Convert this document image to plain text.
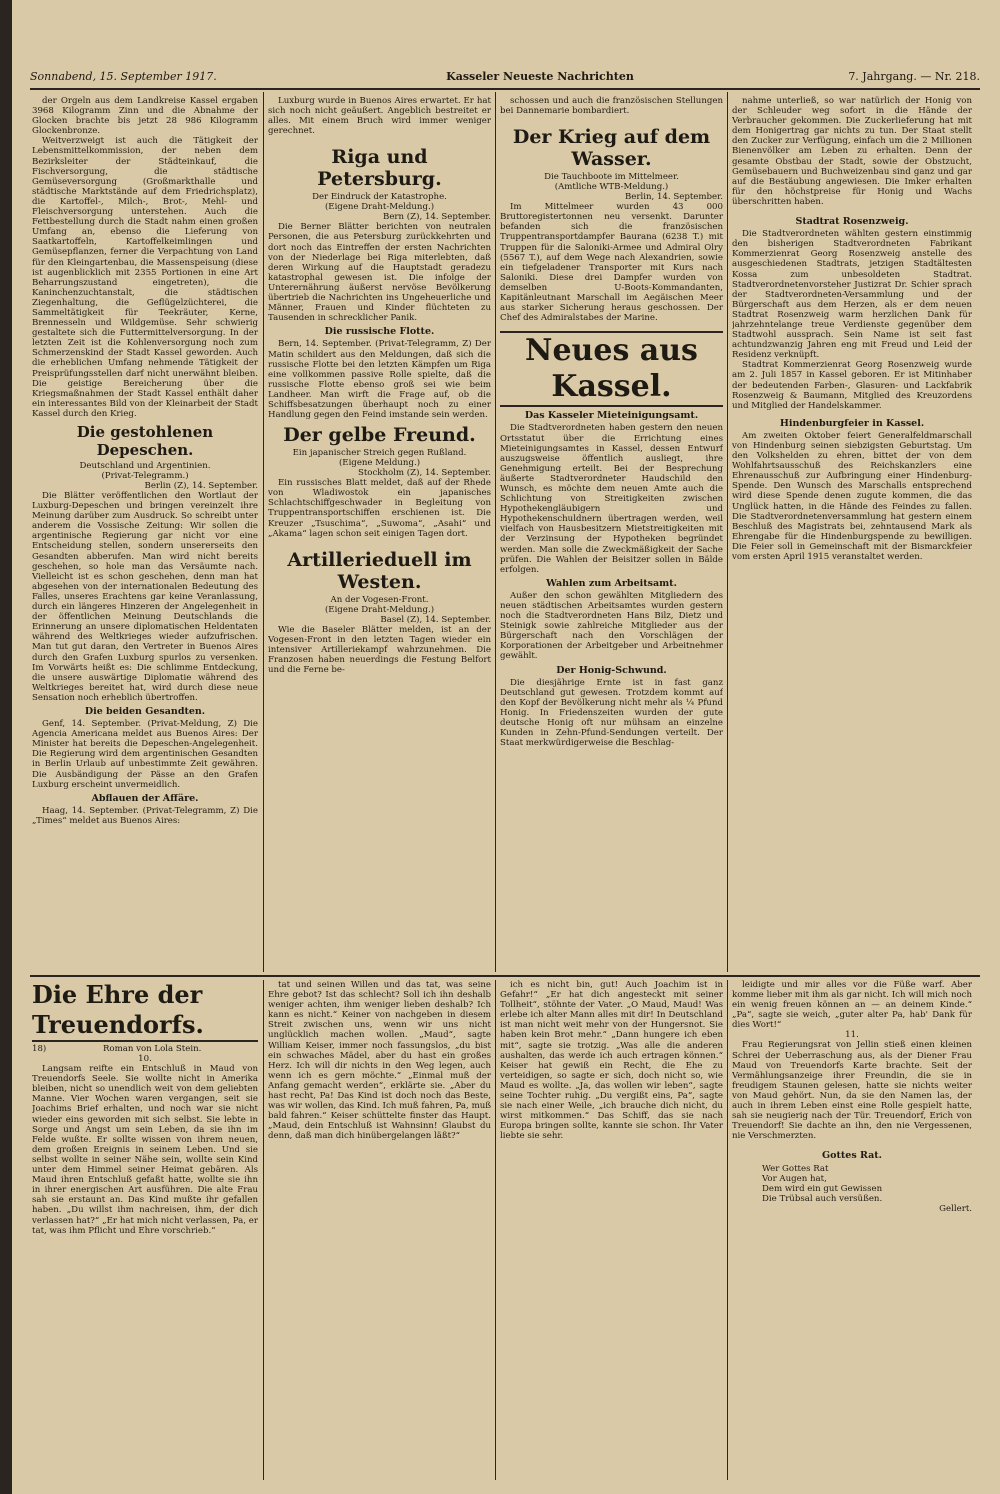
Sonnabend, 15. September 1917.	Kasseler Neueste Nachrichten	7. Jahrgang. — Nr. 218.

der Orgeln aus dem Landkreise Kassel ergaben 3968 Kilogramm Zinn und die Abnahme der Glocken brachte bis jetzt 28 986 Kilogramm Glockenbronze.

Weitverzweigt ist auch die Tätigkeit der Lebensmittelkommission, der neben dem Bezirksleiter der Städteinkauf, die Fischversorgung, die städtische Gemüseversorgung (Großmarkthalle und städtische Marktstände auf dem Friedrichsplatz), die Kartoffel-, Milch-, Brot-, Mehl- und Fleischversorgung unterstehen. Auch die Fettbestellung durch die Stadt nahm einen großen Umfang an, ebenso die Lieferung von Saatkartoffeln, Kartoffelkeimlingen und Gemüsepflanzen, ferner die Verpachtung von Land für den Kleingartenbau, die Massenspeisung (diese ist augenblicklich mit 2355 Portionen in eine Art Beharrungszustand eingetreten), die Kaninchenzuchtanstalt, die städtischen Ziegenhaltung, die Geflügelzüchterei, die Sammeltätigkeit für Teekräuter, Kerne, Brennesseln und Wildgemüse. Sehr schwierig gestaltete sich die Futtermittelversorgung. In der letzten Zeit ist die Kohlenversorgung noch zum Schmerzenskind der Stadt Kassel geworden. Auch die erheblichen Umfang nehmende Tätigkeit der Preisprüfungsstellen darf nicht unerwähnt bleiben. Die geistige Bereicherung über die Kriegsmaßnahmen der Stadt Kassel enthält daher ein interessantes Bild von der Kleinarbeit der Stadt Kassel durch den Krieg.

Die gestohlenen Depeschen.
Deutschland und Argentinien.
(Privat-Telegramm.)
Berlin (Z), 14. September.

Die Blätter veröffentlichen den Wortlaut der Luxburg-Depeschen und bringen vereinzelt ihre Meinung darüber zum Ausdruck. So schreibt unter anderem die Vossische Zeitung: Wir sollen die argentinische Regierung gar nicht vor eine Entscheidung stellen, sondern unsererseits den Gesandten abberufen. Man wird nicht bereits geschehen, so hole man das Versäumte nach. Vielleicht ist es schon geschehen, denn man hat abgesehen von der internationalen Bedeutung des Falles, unseres Erachtens gar keine Veranlassung, durch ein längeres Hinzeren der Angelegenheit in der öffentlichen Meinung Deutschlands die Erinnerung an unsere diplomatischen Heldentaten während des Weltkrieges wieder aufzufrischen. Man tut gut daran, den Vertreter in Buenos Aires durch den Grafen Luxburg spurlos zu versenken. Im Vorwärts heißt es: Die schlimme Entdeckung, die unsere auswärtige Diplomatie während des Weltkrieges bereitet hat, wird durch diese neue Sensation noch erheblich übertroffen.

Die beiden Gesandten.

Genf, 14. September. (Privat-Meldung, Z) Die Agencia Americana meldet aus Buenos Aires: Der Minister hat bereits die Depeschen-Angelegenheit. Die Regierung wird dem argentinischen Gesandten in Berlin Urlaub auf unbestimmte Zeit gewähren. Die Ausbändigung der Pässe an den Grafen Luxburg erscheint unvermeidlich.

Abflauen der Affäre.

Haag, 14. September. (Privat-Telegramm, Z) Die „Times“ meldet aus Buenos Aires:

Luxburg wurde in Buenos Aires erwartet. Er hat sich noch nicht geäußert. Angeblich bestreitet er alles. Mit einem Bruch wird immer weniger gerechnet.

Riga und Petersburg.
Der Eindruck der Katastrophe.
(Eigene Draht-Meldung.)
Bern (Z), 14. September.

Die Berner Blätter berichten von neutralen Personen, die aus Petersburg zurückkehrten und dort noch das Eintreffen der ersten Nachrichten von der Niederlage bei Riga miterlebten, daß deren Wirkung auf die Hauptstadt geradezu katastrophal gewesen ist. Die infolge der Unterernährung äußerst nervöse Bevölkerung übertrieb die Nachrichten ins Ungeheuerliche und Männer, Frauen und Kinder flüchteten zu Tausenden in schrecklicher Panik.

Die russische Flotte.

Bern, 14. September. (Privat-Telegramm, Z) Der Matin schildert aus den Meldungen, daß sich die russische Flotte bei den letzten Kämpfen um Riga eine vollkommen passive Rolle spielte, daß die russische Flotte ebenso groß sei wie beim Landheer. Man wirft die Frage auf, ob die Schiffsbesatzungen überhaupt noch zu einer Handlung gegen den Feind imstande sein werden.

Der gelbe Freund.
Ein japanischer Streich gegen Rußland.
(Eigene Meldung.)
Stockholm (Z), 14. September.

Ein russisches Blatt meldet, daß auf der Rhede von Wladiwostok ein japanisches Schlachtschiffgeschwader in Begleitung von Truppentransportschiffen erschienen ist. Die Kreuzer „Tsuschima“, „Suwoma“, „Asahi“ und „Akama“ lagen schon seit einigen Tagen dort.

Artillerieduell im Westen.
An der Vogesen-Front.
(Eigene Draht-Meldung.)
Basel (Z), 14. September.

Wie die Baseler Blätter melden, ist an der Vogesen-Front in den letzten Tagen wieder ein intensiver Artilleriekampf wahrzunehmen. Die Franzosen haben neuerdings die Festung Belfort und die Ferne be-

schossen und auch die französischen Stellungen bei Dannemarie bombardiert.

Der Krieg auf dem Wasser.
Die Tauchboote im Mittelmeer.
(Amtliche WTB-Meldung.)
Berlin, 14. September.

Im Mittelmeer wurden 43 000 Bruttoregistertonnen neu versenkt. Darunter befanden sich die französischen Truppentransportdampfer Baurana (6238 T.) mit Truppen für die Saloniki-Armee und Admiral Olry (5567 T.), auf dem Wege nach Alexandrien, sowie ein tiefgeladener Transporter mit Kurs nach Saloniki. Diese drei Dampfer wurden von demselben U-Boots-Kommandanten, Kapitänleutnant Marschall im Aegäischen Meer aus starker Sicherung heraus geschossen. Der Chef des Admiralstabes der Marine.

Neues aus Kassel.
Das Kasseler Mieteinigungsamt.

Die Stadtverordneten haben gestern den neuen Ortsstatut über die Errichtung eines Mieteinigungsamtes in Kassel, dessen Entwurf auszugsweise öffentlich ausliegt, ihre Genehmigung erteilt. Bei der Besprechung äußerte Stadtverordneter Haudschild den Wunsch, es möchte dem neuen Amte auch die Schlichtung von Streitigkeiten zwischen Hypothekengläubigern und Hypothekenschuldnern übertragen werden, weil vielfach von Hausbesitzern Mietstreitigkeiten mit der Verzinsung der Hypotheken begründet werden. Man solle die Zweckmäßigkeit der Sache prüfen. Die Wahlen der Beisitzer sollen in Bälde erfolgen.

Wahlen zum Arbeitsamt.

Außer den schon gewählten Mitgliedern des neuen städtischen Arbeitsamtes wurden gestern noch die Stadtverordneten Hans Bilz, Dietz und Steinigk sowie zahlreiche Mitglieder aus der Bürgerschaft nach den Vorschlägen der Korporationen der Arbeitgeber und Arbeitnehmer gewählt.

Der Honig-Schwund.

Die diesjährige Ernte ist in fast ganz Deutschland gut gewesen. Trotzdem kommt auf den Kopf der Bevölkerung nicht mehr als ¼ Pfund Honig. In Friedenszeiten wurden der gute deutsche Honig oft nur mühsam an einzelne Kunden in Zehn-Pfund-Sendungen verteilt. Der Staat merkwürdigerweise die Beschlag-

nahme unterließ, so war natürlich der Honig von der Schleuder weg sofort in die Hände der Verbraucher gekommen. Die Zuckerlieferung hat mit dem Honigertrag gar nichts zu tun. Der Staat stellt den Zucker zur Verfügung, einfach um die 2 Millionen Bienenvölker am Leben zu erhalten. Denn der gesamte Obstbau der Stadt, sowie der Obstzucht, Gemüsebauern und Buchweizenbau sind ganz und gar auf die Bestäubung angewiesen. Die Imker erhalten für den höchstpreise für Honig und Wachs überschritten haben.

Stadtrat Rosenzweig.

Die Stadtverordneten wählten gestern einstimmig den bisherigen Stadtverordneten Fabrikant Kommerzienrat Georg Rosenzweig anstelle des ausgeschiedenen Stadtrats, jetzigen Stadtältesten Kossa zum unbesoldeten Stadtrat. Stadtverordnetenvorsteher Justizrat Dr. Schier sprach der Stadtverordneten-Versammlung und der Bürgerschaft aus dem Herzen, als er dem neuen Stadtrat Rosenzweig warm herzlichen Dank für jahrzehntelange treue Verdienste gegenüber dem Stadtwohl aussprach. Sein Name ist seit fast achtundzwanzig Jahren eng mit Freud und Leid der Residenz verknüpft.

Stadtrat Kommerzienrat Georg Rosenzweig wurde am 2. Juli 1857 in Kassel geboren. Er ist Mitinhaber der bedeutenden Farben-, Glasuren- und Lackfabrik Rosenzweig & Baumann, Mitglied des Kreuzordens und Mitglied der Handelskammer.

Hindenburgfeier in Kassel.

Am zweiten Oktober feiert Generalfeldmarschall von Hindenburg seinen siebzigsten Geburtstag. Um den Volkshelden zu ehren, bittet der von dem Wohlfahrtsausschuß des Reichskanzlers eine Ehrenausschuß zur Aufbringung einer Hindenburg-Spende. Den Wunsch des Marschalls entsprechend wird diese Spende denen zugute kommen, die das Unglück hatten, in die Hände des Feindes zu fallen. Die Stadtverordnetenversammlung hat gestern einem Beschluß des Magistrats bei, zehntausend Mark als Ehrengabe für die Hindenburgspende zu bewilligen. Die Feier soll in Gemeinschaft mit der Bismarckfeier vom ersten April 1915 veranstaltet werden.

Die Ehre der Treuendorfs.
18)	Roman von Lola Stein.
10.

Langsam reifte ein Entschluß in Maud von Treuendorfs Seele. Sie wollte nicht in Amerika bleiben, nicht so unendlich weit von dem geliebten Manne. Vier Wochen waren vergangen, seit sie Joachims Brief erhalten, und noch war sie nicht wieder eins geworden mit sich selbst. Sie lebte in Sorge und Angst um sein Leben, da sie ihn im Felde wußte. Er sollte wissen von ihrem neuen, dem großen Ereignis in seinem Leben. Und sie selbst wollte in seiner Nähe sein, wollte sein Kind unter dem Himmel seiner Heimat gebären. Als Maud ihren Entschluß gefaßt hatte, wollte sie ihn in ihrer energischen Art ausführen. Die alte Frau sah sie erstaunt an. Das Kind mußte ihr gefallen haben. „Du willst ihm nachreisen, ihm, der dich verlassen hat?“ „Er hat mich nicht verlassen, Pa, er tat, was ihm Pflicht und Ehre vorschrieb.“

tat und seinen Willen und das tat, was seine Ehre gebot? Ist das schlecht? Soll ich ihn deshalb weniger achten, ihm weniger lieben deshalb? Ich kann es nicht.“ Keiner von nachgeben in diesem Streit zwischen uns, wenn wir uns nicht unglücklich machen wollen. „Maud“, sagte William Keiser, immer noch fassungslos, „du bist ein schwaches Mädel, aber du hast ein großes Herz. Ich will dir nichts in den Weg legen, auch wenn ich es gern möchte.“ „Einmal muß der Anfang gemacht werden“, erklärte sie. „Aber du hast recht, Pa! Das Kind ist doch noch das Beste, was wir wollen, das Kind. Ich muß fahren, Pa, muß bald fahren.“ Keiser schüttelte finster das Haupt. „Maud, dein Entschluß ist Wahnsinn! Glaubst du denn, daß man dich hinübergelangen läßt?“

ich es nicht bin, gut! Auch Joachim ist in Gefahr!“ „Er hat dich angesteckt mit seiner Tollheit“, stöhnte der Vater. „O Maud, Maud! Was erlebe ich alter Mann alles mit dir! In Deutschland ist man nicht weit mehr von der Hungersnot. Sie haben kein Brot mehr.“ „Dann hungere ich eben mit“, sagte sie trotzig. „Was alle die anderen aushalten, das werde ich auch ertragen können.“ Keiser hat gewiß ein Recht, die Ehe zu verteidigen, so sagte er sich, doch nicht so, wie Maud es wollte. „Ja, das wollen wir leben“, sagte seine Tochter ruhig. „Du vergißt eins, Pa“, sagte sie nach einer Weile, „ich brauche dich nicht, du wirst mitkommen.“ Das Schiff, das sie nach Europa bringen sollte, kannte sie schon. Ihr Vater liebte sie sehr.

leidigte und mir alles vor die Füße warf. Aber komme lieber mit ihm als gar nicht. Ich will mich noch ein wenig freuen können an — an deinem Kinde.“ „Pa“, sagte sie weich, „guter alter Pa, hab' Dank für dies Wort!“

11.

Frau Regierungsrat von Jellin stieß einen kleinen Schrei der Ueberraschung aus, als der Diener Frau Maud von Treuendorfs Karte brachte. Seit der Vermählungsanzeige ihrer Freundin, die sie in freudigem Staunen gelesen, hatte sie nichts weiter von Maud gehört. Nun, da sie den Namen las, der auch in ihrem Leben einst eine Rolle gespielt hatte, sah sie neugierig nach der Tür. Treuendorf, Erich von Treuendorf! Sie dachte an ihn, den nie Vergessenen, nie Verschmerzten.

Gottes Rat.
Wer Gottes Rat
Vor Augen hat,
Dem wird ein gut Gewissen
Die Trübsal auch versüßen.
Gellert.
